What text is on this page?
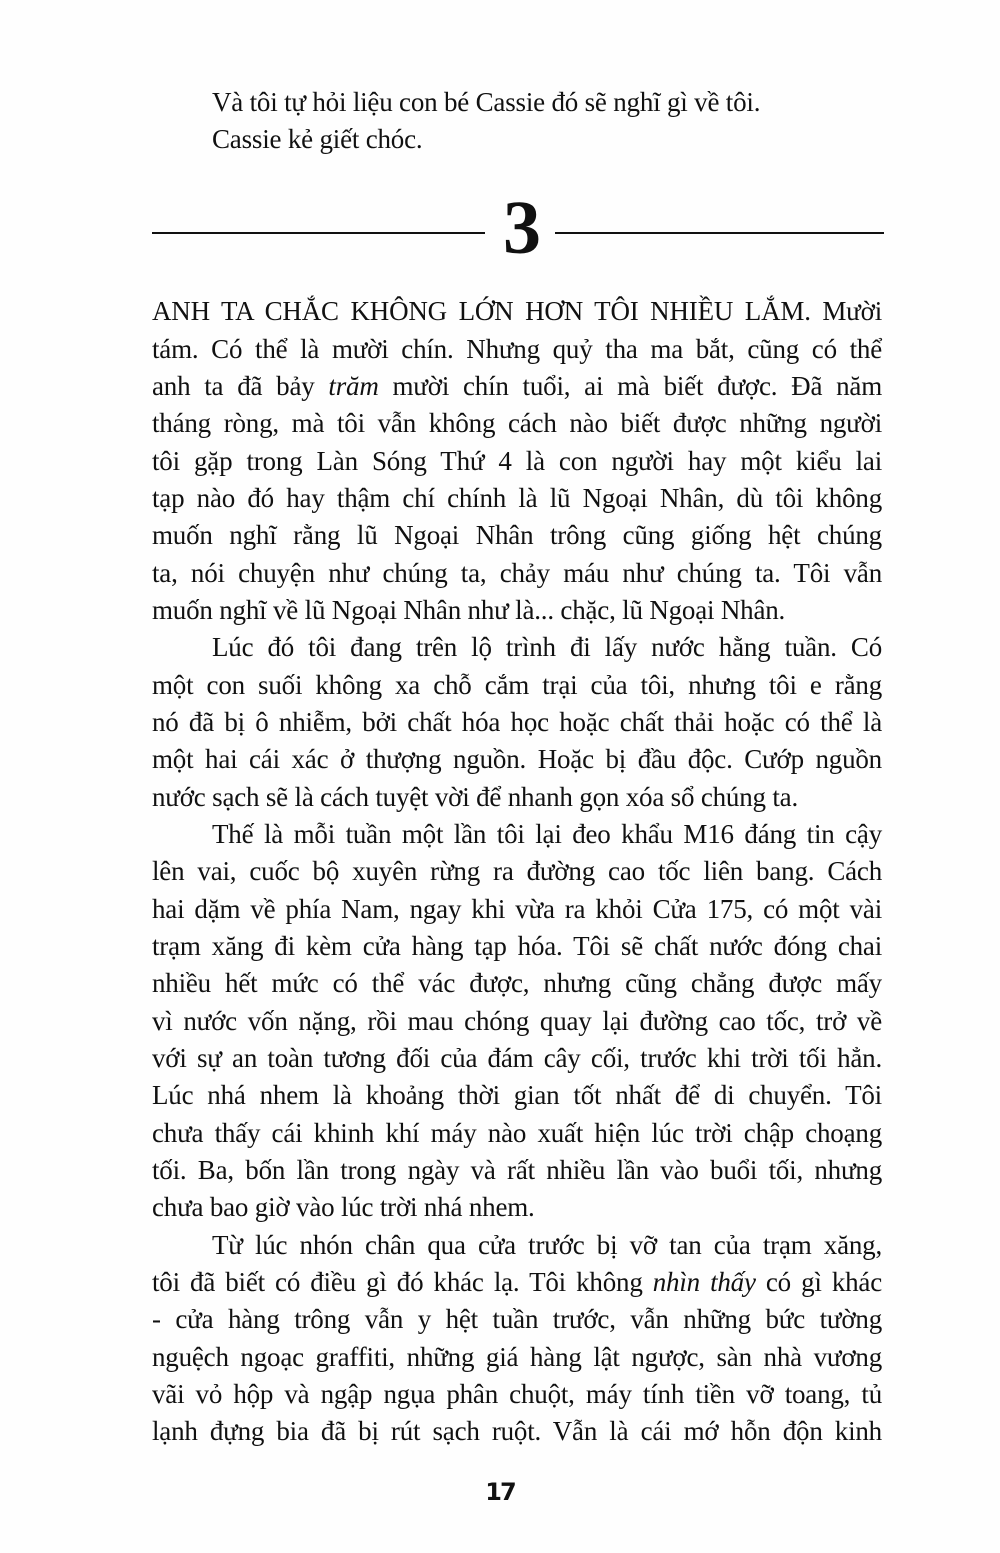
Và tôi tự hỏi liệu con bé Cassie đó sẽ nghĩ gì về tôi.
Cassie kẻ giết chóc.
3
ANH TA CHẮC KHÔNG LỚN HƠN TÔI NHIỀU LẮM. Mười
tám. Có thể là mười chín. Nhưng quỷ tha ma bắt, cũng có thể
anh ta đã bảy trăm mười chín tuổi, ai mà biết được. Đã năm
tháng ròng, mà tôi vẫn không cách nào biết được những người
tôi gặp trong Làn Sóng Thứ 4 là con người hay một kiểu lai
tạp nào đó hay thậm chí chính là lũ Ngoại Nhân, dù tôi không
muốn nghĩ rằng lũ Ngoại Nhân trông cũng giống hệt chúng
ta, nói chuyện như chúng ta, chảy máu như chúng ta. Tôi vẫn
muốn nghĩ về lũ Ngoại Nhân như là... chặc, lũ Ngoại Nhân.
Lúc đó tôi đang trên lộ trình đi lấy nước hằng tuần. Có
một con suối không xa chỗ cắm trại của tôi, nhưng tôi e rằng
nó đã bị ô nhiễm, bởi chất hóa học hoặc chất thải hoặc có thể là
một hai cái xác ở thượng nguồn. Hoặc bị đầu độc. Cướp nguồn
nước sạch sẽ là cách tuyệt vời để nhanh gọn xóa sổ chúng ta.
Thế là mỗi tuần một lần tôi lại đeo khẩu M16 đáng tin cậy
lên vai, cuốc bộ xuyên rừng ra đường cao tốc liên bang. Cách
hai dặm về phía Nam, ngay khi vừa ra khỏi Cửa 175, có một vài
trạm xăng đi kèm cửa hàng tạp hóa. Tôi sẽ chất nước đóng chai
nhiều hết mức có thể vác được, nhưng cũng chẳng được mấy
vì nước vốn nặng, rồi mau chóng quay lại đường cao tốc, trở về
với sự an toàn tương đối của đám cây cối, trước khi trời tối hẳn.
Lúc nhá nhem là khoảng thời gian tốt nhất để di chuyển. Tôi
chưa thấy cái khinh khí máy nào xuất hiện lúc trời chập choạng
tối. Ba, bốn lần trong ngày và rất nhiều lần vào buổi tối, nhưng
chưa bao giờ vào lúc trời nhá nhem.
Từ lúc nhón chân qua cửa trước bị vỡ tan của trạm xăng,
tôi đã biết có điều gì đó khác lạ. Tôi không nhìn thấy có gì khác
- cửa hàng trông vẫn y hệt tuần trước, vẫn những bức tường
nguệch ngoạc graffiti, những giá hàng lật ngược, sàn nhà vương
vãi vỏ hộp và ngập ngụa phân chuột, máy tính tiền vỡ toang, tủ
lạnh đựng bia đã bị rút sạch ruột. Vẫn là cái mớ hỗn độn kinh
17
